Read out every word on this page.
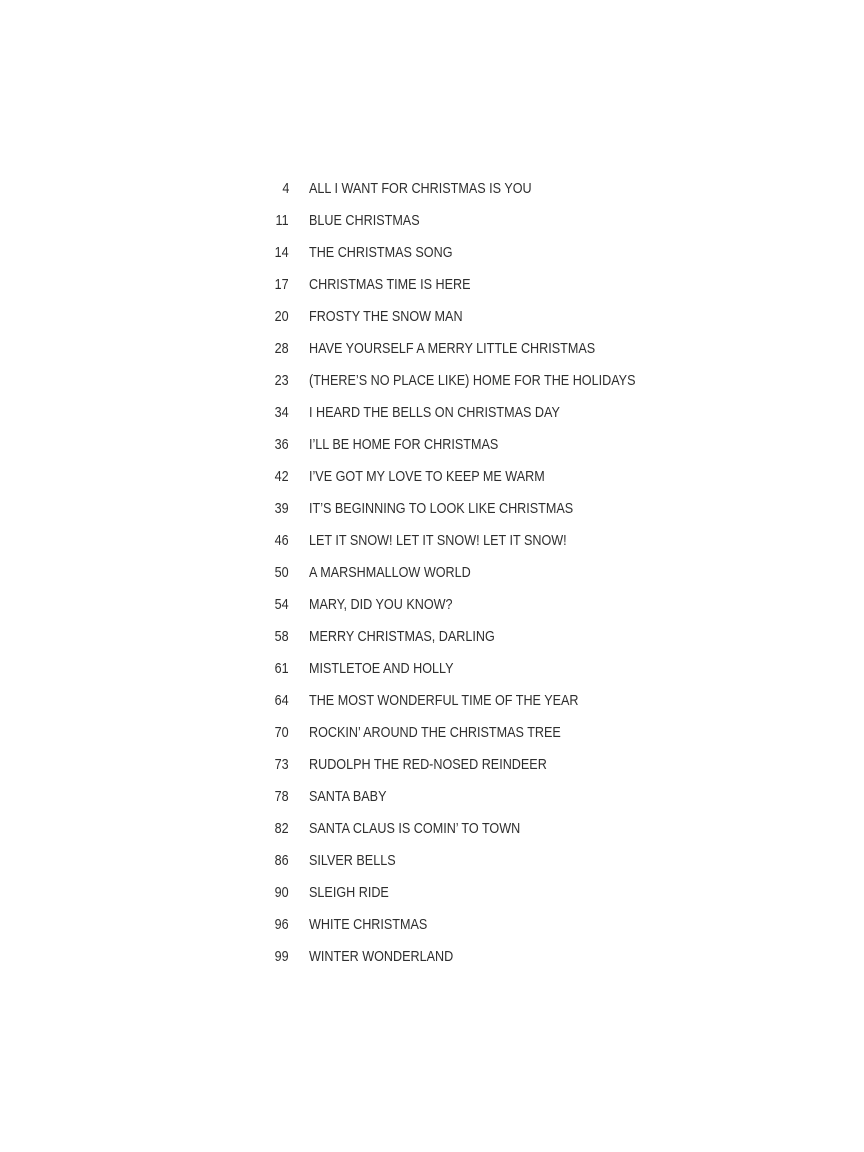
4 ALL I WANT FOR CHRISTMAS IS YOU
11 BLUE CHRISTMAS
14 THE CHRISTMAS SONG
17 CHRISTMAS TIME IS HERE
20 FROSTY THE SNOW MAN
28 HAVE YOURSELF A MERRY LITTLE CHRISTMAS
23 (THERE’S NO PLACE LIKE) HOME FOR THE HOLIDAYS
34 I HEARD THE BELLS ON CHRISTMAS DAY
36 I’LL BE HOME FOR CHRISTMAS
42 I’VE GOT MY LOVE TO KEEP ME WARM
39 IT’S BEGINNING TO LOOK LIKE CHRISTMAS
46 LET IT SNOW! LET IT SNOW! LET IT SNOW!
50 A MARSHMALLOW WORLD
54 MARY, DID YOU KNOW?
58 MERRY CHRISTMAS, DARLING
61 MISTLETOE AND HOLLY
64 THE MOST WONDERFUL TIME OF THE YEAR
70 ROCKIN’ AROUND THE CHRISTMAS TREE
73 RUDOLPH THE RED-NOSED REINDEER
78 SANTA BABY
82 SANTA CLAUS IS COMIN’ TO TOWN
86 SILVER BELLS
90 SLEIGH RIDE
96 WHITE CHRISTMAS
99 WINTER WONDERLAND
